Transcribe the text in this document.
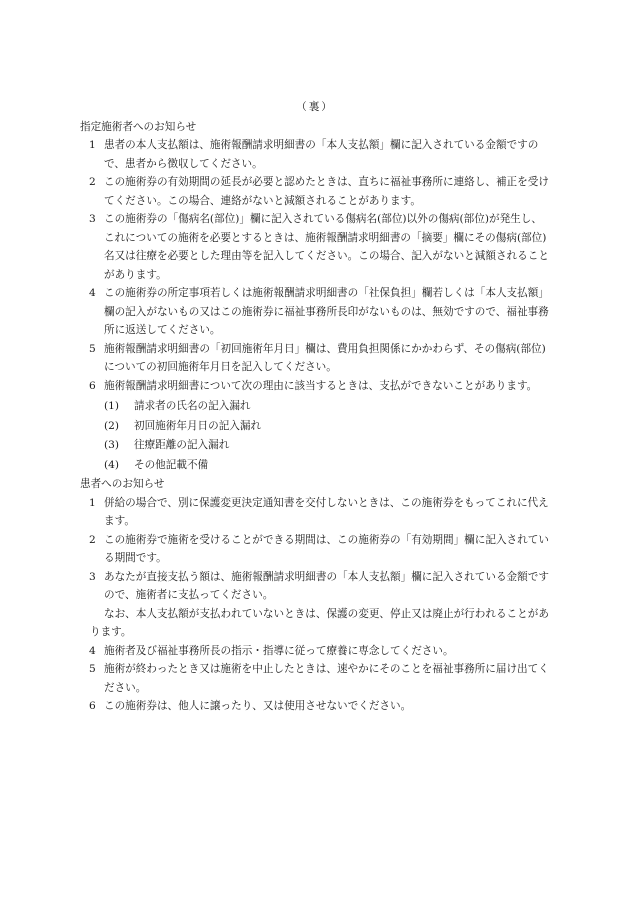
（裏）
指定施術者へのお知らせ
1 患者の本人支払額は、施術報酬請求明細書の「本人支払額」欄に記入されている金額ですので、患者から徴収してください。
2 この施術券の有効期間の延長が必要と認めたときは、直ちに福祉事務所に連絡し、補正を受けてください。この場合、連絡がないと減額されることがあります。
3 この施術券の「傷病名(部位)」欄に記入されている傷病名(部位)以外の傷病(部位)が発生し、これについての施術を必要とするときは、施術報酬請求明細書の「摘要」欄にその傷病(部位)名又は往療を必要とした理由等を記入してください。この場合、記入がないと減額されることがあります。
4 この施術券の所定事項若しくは施術報酬請求明細書の「社保負担」欄若しくは「本人支払額」欄の記入がないもの又はこの施術券に福祉事務所長印がないものは、無効ですので、福祉事務所に返送してください。
5 施術報酬請求明細書の「初回施術年月日」欄は、費用負担関係にかかわらず、その傷病(部位)についての初回施術年月日を記入してください。
6 施術報酬請求明細書について次の理由に該当するときは、支払ができないことがあります。
(1) 請求者の氏名の記入漏れ
(2) 初回施術年月日の記入漏れ
(3) 往療距離の記入漏れ
(4) その他記載不備
患者へのお知らせ
1 併給の場合で、別に保護変更決定通知書を交付しないときは、この施術券をもってこれに代えます。
2 この施術券で施術を受けることができる期間は、この施術券の「有効期間」欄に記入されている期間です。
3 あなたが直接支払う額は、施術報酬請求明細書の「本人支払額」欄に記入されている金額ですので、施術者に支払ってください。
なお、本人支払額が支払われていないときは、保護の変更、停止又は廃止が行われることがあります。
4 施術者及び福祉事務所長の指示・指導に従って療養に専念してください。
5 施術が終わったとき又は施術を中止したときは、速やかにそのことを福祉事務所に届け出てください。
6 この施術券は、他人に譲ったり、又は使用させないでください。
